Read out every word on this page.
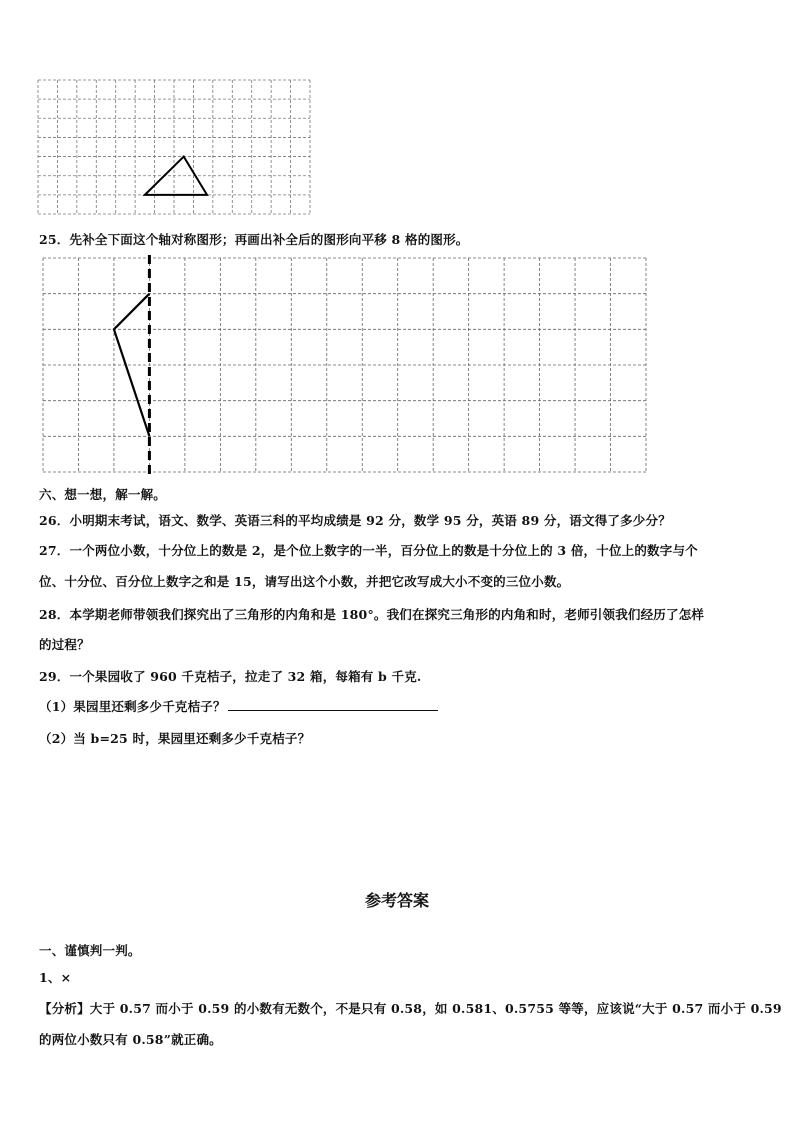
25．先补全下面这个轴对称图形；再画出补全后的图形向平移 8 格的图形。
六、想一想，解一解。
26．小明期末考试，语文、数学、英语三科的平均成绩是 92 分，数学 95 分，英语 89 分，语文得了多少分？
27．一个两位小数，十分位上的数是 2，是个位上数字的一半，百分位上的数是十分位上的 3 倍，十位上的数字与个
位、十分位、百分位上数字之和是 15，请写出这个小数，并把它改写成大小不变的三位小数。
28．本学期老师带领我们探究出了三角形的内角和是 180°。我们在探究三角形的内角和时，老师引领我们经历了怎样
的过程？
29．一个果园收了 960 千克桔子，拉走了 32 箱，每箱有 b 千克.
（1）果园里还剩多少千克桔子？
（2）当 b=25 时，果园里还剩多少千克桔子？
参考答案
一、谨慎判一判。
1、×
【分析】大于 0.57 而小于 0.59 的小数有无数个，不是只有 0.58，如 0.581、0.5755 等等，应该说“大于 0.57 而小于 0.59
的两位小数只有 0.58”就正确。
